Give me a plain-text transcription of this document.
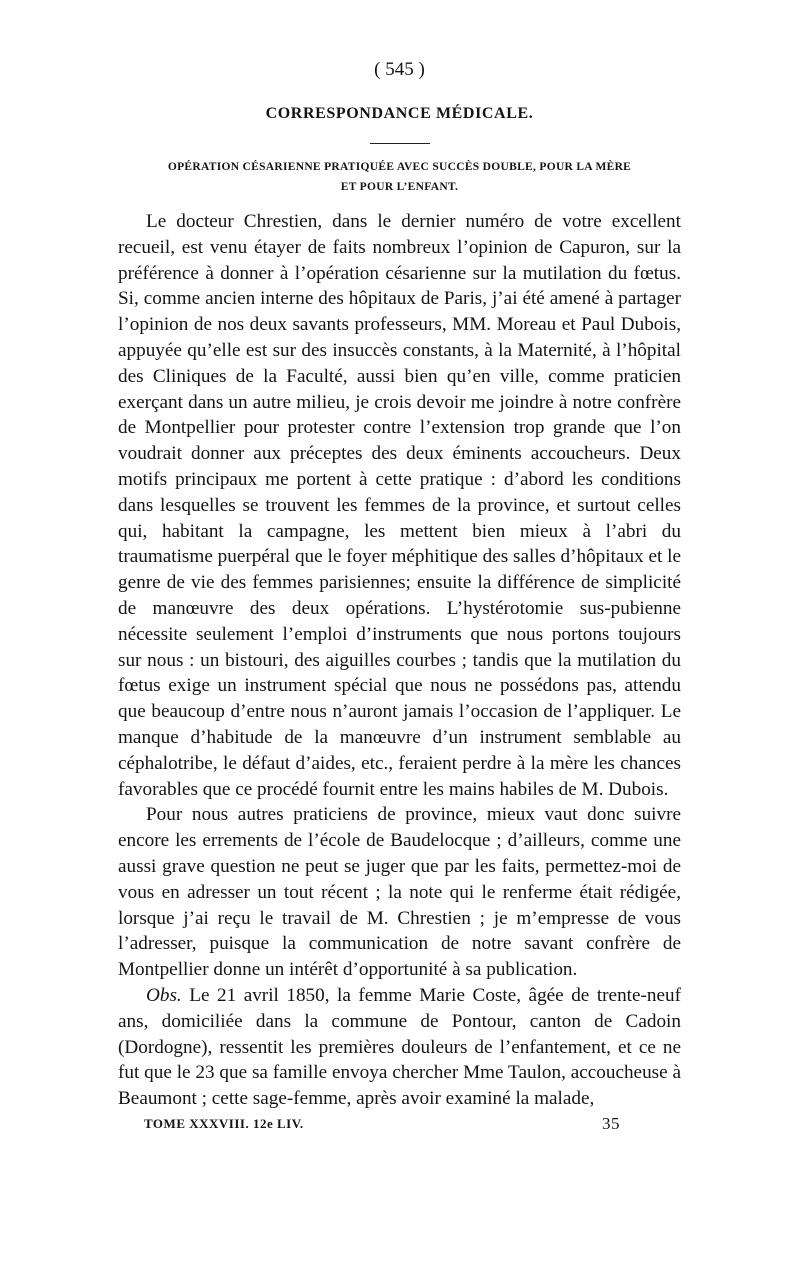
( 545 )

CORRESPONDANCE MÉDICALE.

OPÉRATION CÉSARIENNE PRATIQUÉE AVEC SUCCÈS DOUBLE, POUR LA MÈRE
ET POUR L’ENFANT.

Le docteur Chrestien, dans le dernier numéro de votre excellent recueil, est venu étayer de faits nombreux l’opinion de Capuron, sur la préférence à donner à l’opération césarienne sur la mutilation du fœtus. Si, comme ancien interne des hôpitaux de Paris, j’ai été amené à partager l’opinion de nos deux savants professeurs, MM. Moreau et Paul Dubois, appuyée qu’elle est sur des insuccès constants, à la Maternité, à l’hôpital des Cliniques de la Faculté, aussi bien qu’en ville, comme praticien exerçant dans un autre milieu, je crois devoir me joindre à notre confrère de Montpellier pour protester contre l’extension trop grande que l’on voudrait donner aux préceptes des deux éminents accoucheurs. Deux motifs principaux me portent à cette pratique : d’abord les conditions dans lesquelles se trouvent les femmes de la province, et surtout celles qui, habitant la campagne, les mettent bien mieux à l’abri du traumatisme puerpéral que le foyer méphitique des salles d’hôpitaux et le genre de vie des femmes parisiennes; ensuite la différence de simplicité de manœuvre des deux opérations. L’hystérotomie sus-pubienne nécessite seulement l’emploi d’instruments que nous portons toujours sur nous : un bistouri, des aiguilles courbes ; tandis que la mutilation du fœtus exige un instrument spécial que nous ne possédons pas, attendu que beaucoup d’entre nous n’auront jamais l’occasion de l’appliquer. Le manque d’habitude de la manœuvre d’un instrument semblable au céphalotribe, le défaut d’aides, etc., feraient perdre à la mère les chances favorables que ce procédé fournit entre les mains habiles de M. Dubois.

Pour nous autres praticiens de province, mieux vaut donc suivre encore les errements de l’école de Baudelocque ; d’ailleurs, comme une aussi grave question ne peut se juger que par les faits, permettez-moi de vous en adresser un tout récent ; la note qui le renferme était rédigée, lorsque j’ai reçu le travail de M. Chrestien ; je m’empresse de vous l’adresser, puisque la communication de notre savant confrère de Montpellier donne un intérêt d’opportunité à sa publication.

Obs. Le 21 avril 1850, la femme Marie Coste, âgée de trente-neuf ans, domiciliée dans la commune de Pontour, canton de Cadoin (Dordogne), ressentit les premières douleurs de l’enfantement, et ce ne fut que le 23 que sa famille envoya chercher Mme Taulon, accoucheuse à Beaumont ; cette sage-femme, après avoir examiné la malade,

TOME XXXVIII. 12e LIV.	35
